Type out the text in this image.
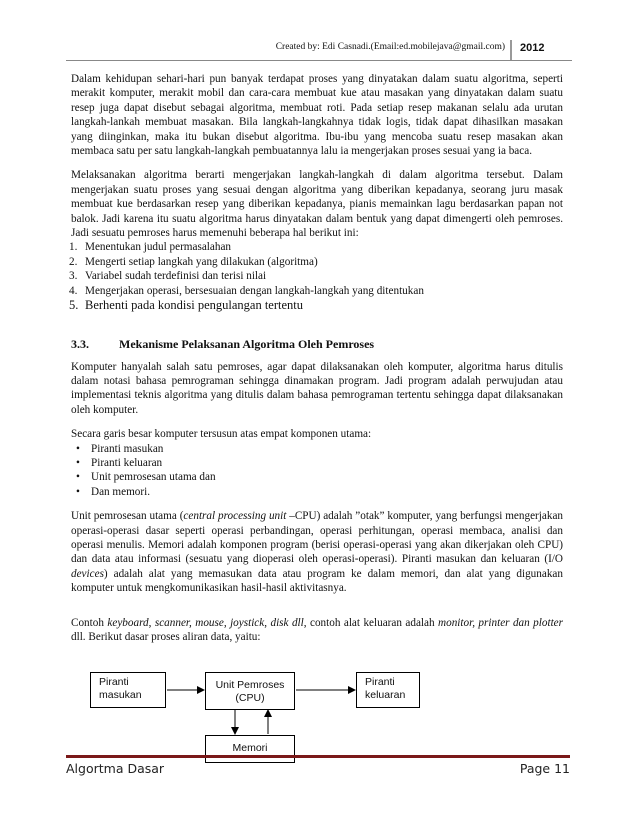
Created by: Edi Casnadi.(Email:ed.mobilejava@gmail.com) 2012

Dalam kehidupan sehari-hari pun banyak terdapat proses yang dinyatakan dalam suatu algoritma, seperti merakit komputer, merakit mobil dan cara-cara membuat kue atau masakan yang dinyatakan dalam suatu resep juga dapat disebut sebagai algoritma, membuat roti. Pada setiap resep makanan selalu ada urutan langkah-lankah membuat masakan. Bila langkah-langkahnya tidak logis, tidak dapat dihasilkan masakan yang diinginkan, maka itu bukan disebut algoritma. Ibu-ibu yang mencoba suatu resep masakan akan membaca satu per satu langkah-langkah pembuatannya lalu ia mengerjakan proses sesuai yang ia baca.

Melaksanakan algoritma berarti mengerjakan langkah-langkah di dalam algoritma tersebut. Dalam mengerjakan suatu proses yang sesuai dengan algoritma yang diberikan kepadanya, seorang juru masak membuat kue berdasarkan resep yang diberikan kepadanya, pianis memainkan lagu berdasarkan papan not balok. Jadi karena itu suatu algoritma harus dinyatakan dalam bentuk yang dapat dimengerti oleh pemroses. Jadi sesuatu pemroses harus memenuhi beberapa hal berikut ini:

1. Menentukan judul permasalahan
2. Mengerti setiap langkah yang dilakukan (algoritma)
3. Variabel sudah terdefinisi dan terisi nilai
4. Mengerjakan operasi, bersesuaian dengan langkah-langkah yang ditentukan
5. Berhenti pada kondisi pengulangan tertentu
3.3.	Mekanisme Pelaksanan Algoritma Oleh Pemroses

Komputer hanyalah salah satu pemroses, agar dapat dilaksanakan oleh komputer, algoritma harus ditulis dalam notasi bahasa pemrograman sehingga dinamakan program. Jadi program adalah perwujudan atau implementasi teknis algoritma yang ditulis dalam bahasa pemrograman tertentu sehingga dapat dilaksanakan oleh komputer.

Secara garis besar komputer tersusun atas empat komponen utama:

• Piranti masukan
• Piranti keluaran
• Unit pemrosesan utama dan
• Dan memori.

Unit pemrosesan utama (central processing unit –CPU) adalah ”otak” komputer, yang berfungsi mengerjakan operasi-operasi dasar seperti operasi perbandingan, operasi perhitungan, operasi membaca, analisi dan operasi menulis. Memori adalah komponen program (berisi operasi-operasi yang akan dikerjakan oleh CPU) dan data atau informasi (sesuatu yang dioperasi oleh operasi-operasi). Piranti masukan dan keluaran (I/O devices) adalah alat yang memasukan data atau program ke dalam memori, dan alat yang digunakan komputer untuk mengkomunikasikan hasil-hasil aktivitasnya.

Contoh keyboard, scanner, mouse, joystick, disk dll, contoh alat keluaran adalah monitor, printer dan plotter dll. Berikut dasar proses aliran data, yaitu:

Piranti
masukan
Unit Pemroses
(CPU)
Piranti
keluaran
Memori
Algortma Dasar	Page 11
